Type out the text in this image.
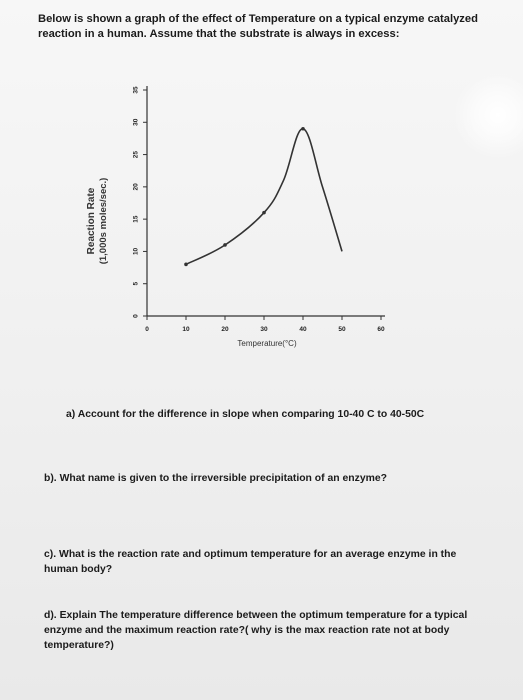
Below is shown a graph of the effect of Temperature on a typical enzyme catalyzed reaction in a human. Assume that the substrate is always in excess:

0
5
10
15
20
25
30
35
0	10	20	30	40	50	60
Reaction Rate (1,000s moles/sec.)
Temperature(°C)

a) Account for the difference in slope when comparing 10-40 C to 40-50C

b). What name is given to the irreversible precipitation of an enzyme?

c). What is the reaction rate and optimum temperature for an average enzyme in the human body?

d). Explain The temperature difference between the optimum temperature for a typical enzyme and the maximum reaction rate?( why is the max reaction rate not at body temperature?)
